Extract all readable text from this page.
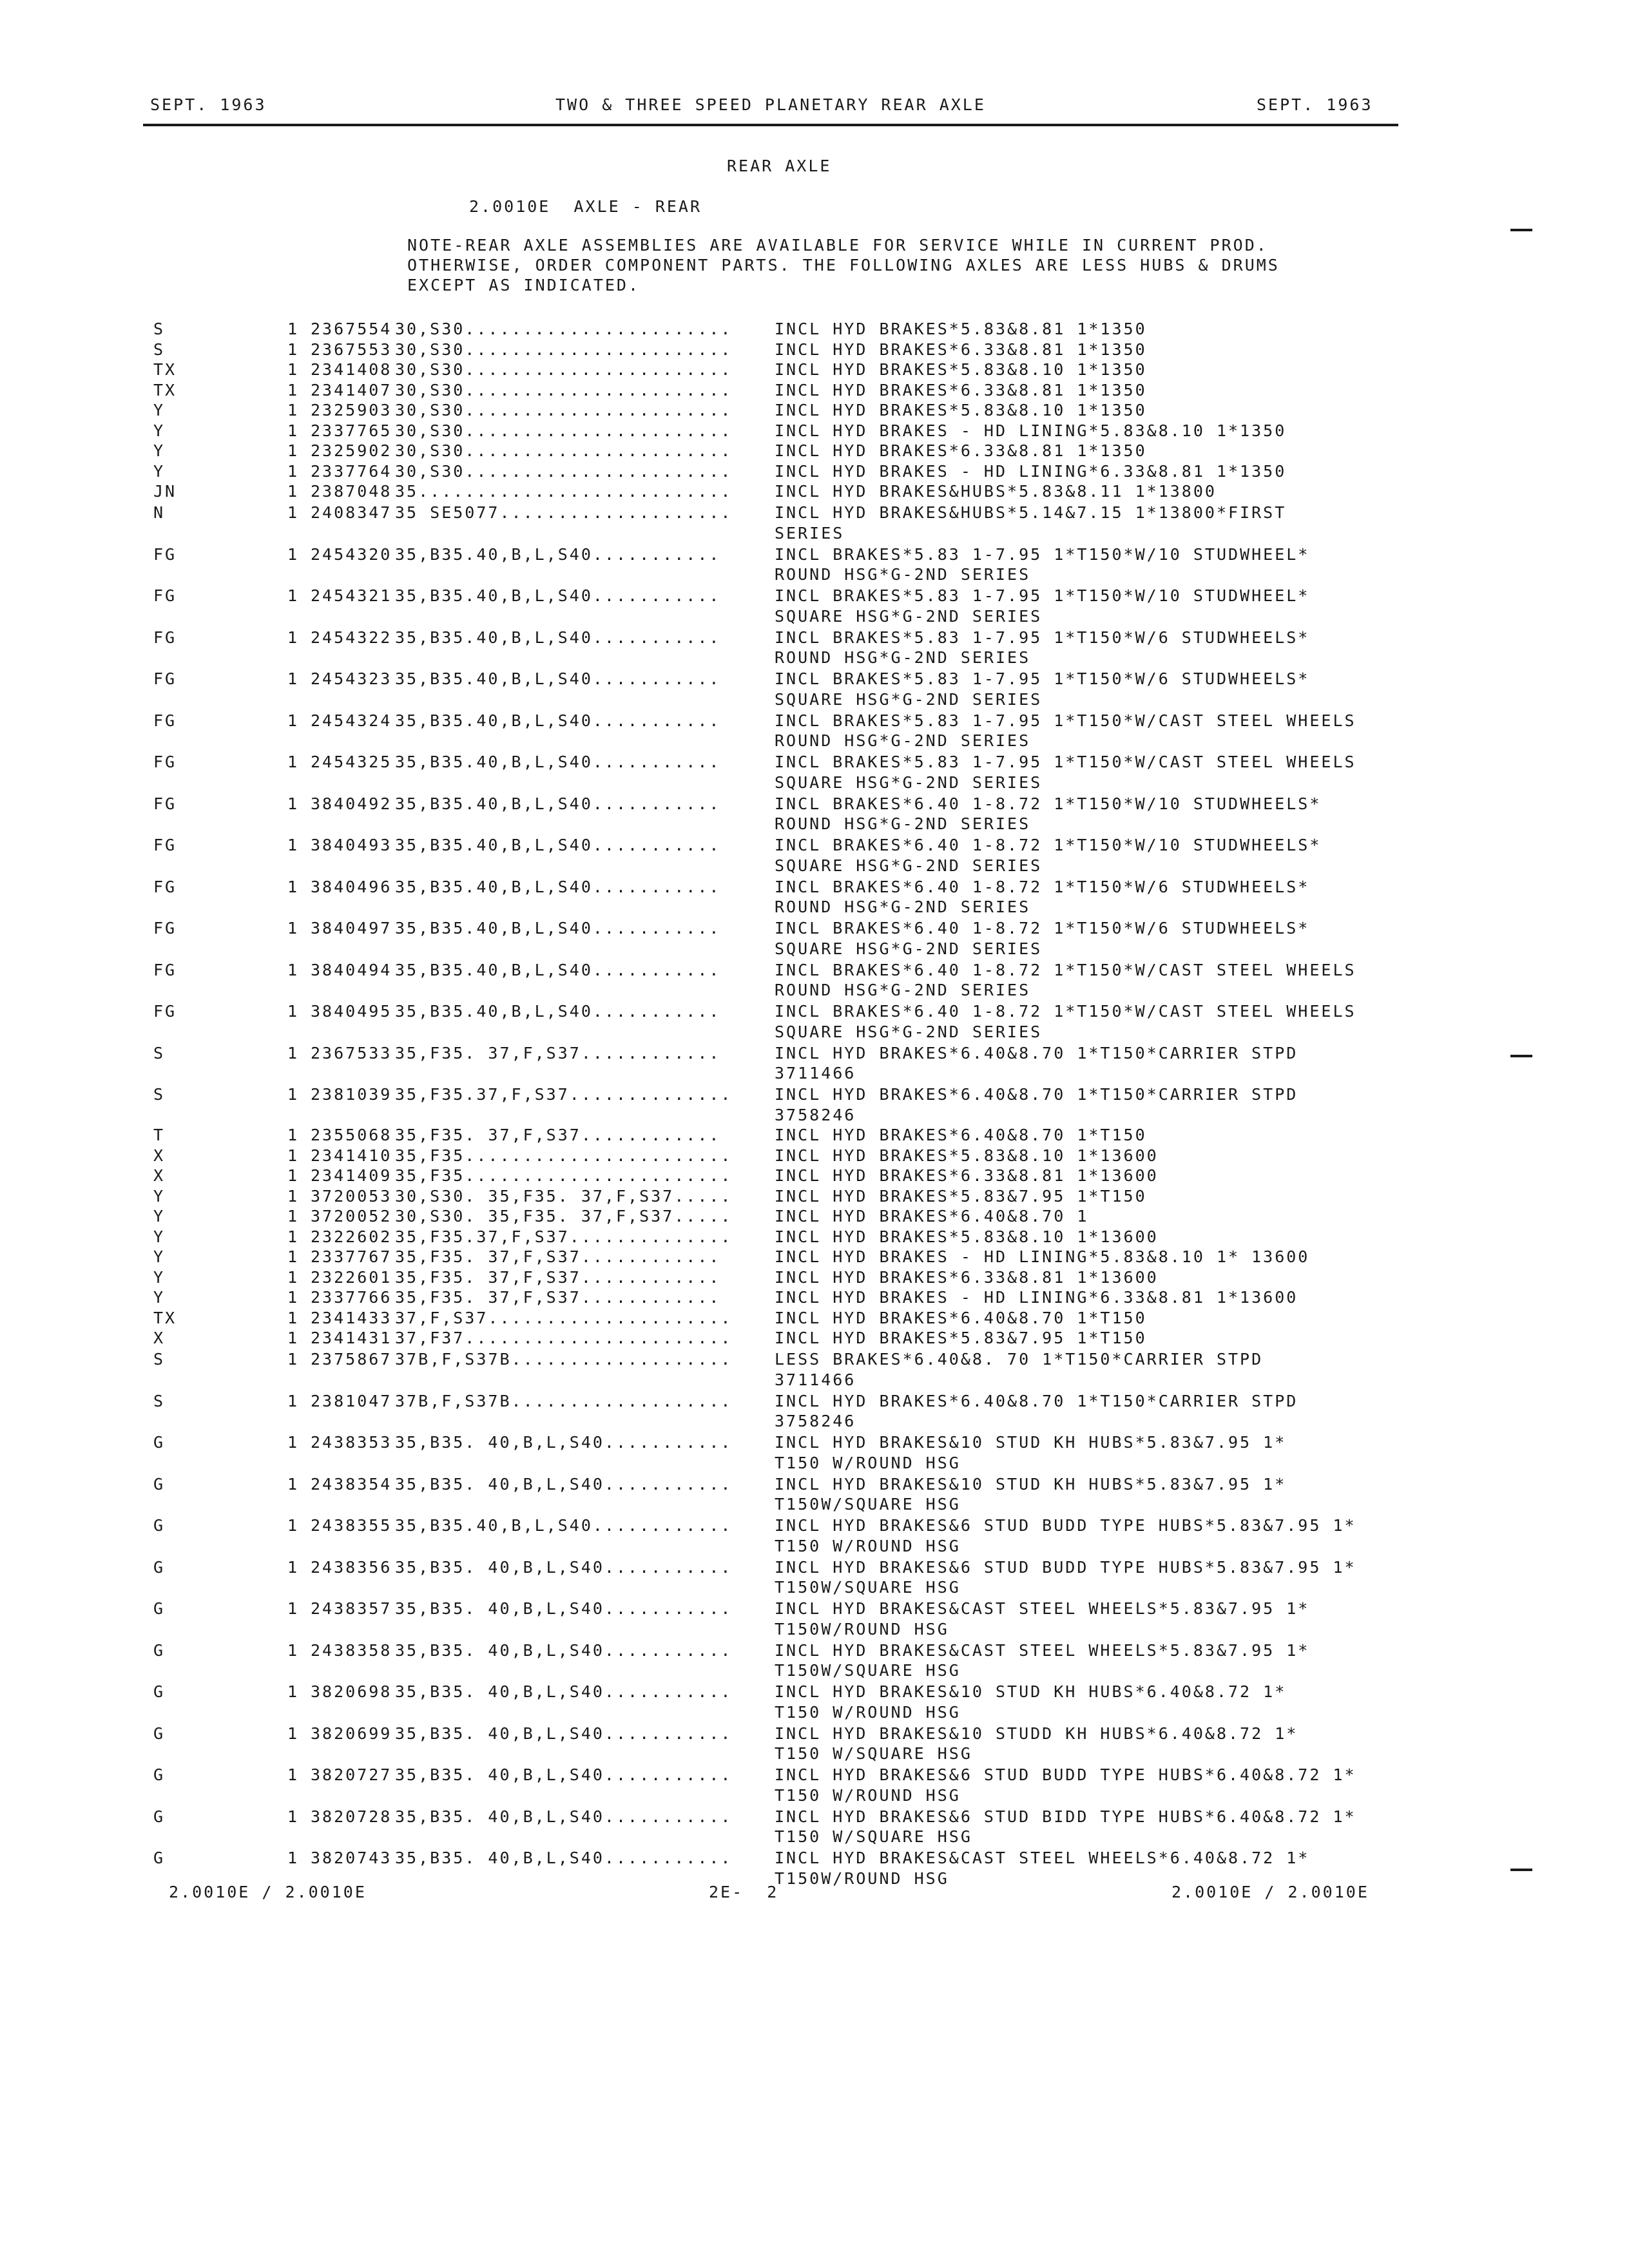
SEPT. 1963	TWO & THREE SPEED PLANETARY REAR AXLE	SEPT. 1963
REAR AXLE
2.0010E  AXLE - REAR
NOTE-REAR AXLE ASSEMBLIES ARE AVAILABLE FOR SERVICE WHILE IN CURRENT PROD.
OTHERWISE, ORDER COMPONENT PARTS. THE FOLLOWING AXLES ARE LESS HUBS & DRUMS
EXCEPT AS INDICATED.
S	1 2367554 30,S30.......................	INCL HYD BRAKES*5.83&8.81 1*1350
S	1 2367553 30,S30.......................	INCL HYD BRAKES*6.33&8.81 1*1350
TX	1 2341408 30,S30.......................	INCL HYD BRAKES*5.83&8.10 1*1350
TX	1 2341407 30,S30.......................	INCL HYD BRAKES*6.33&8.81 1*1350
Y	1 2325903 30,S30.......................	INCL HYD BRAKES*5.83&8.10 1*1350
Y	1 2337765 30,S30.......................	INCL HYD BRAKES - HD LINING*5.83&8.10 1*1350
Y	1 2325902 30,S30.......................	INCL HYD BRAKES*6.33&8.81 1*1350
Y	1 2337764 30,S30.......................	INCL HYD BRAKES - HD LINING*6.33&8.81 1*1350
JN	1 2387048 35...........................	INCL HYD BRAKES&HUBS*5.83&8.11 1*13800
N	1 2408347 35 SE5077....................	INCL HYD BRAKES&HUBS*5.14&7.15 1*13800*FIRST
SERIES
FG	1 2454320 35,B35.40,B,L,S40...........	INCL BRAKES*5.83 1-7.95 1*T150*W/10 STUDWHEEL*
ROUND HSG*G-2ND SERIES
FG	1 2454321 35,B35.40,B,L,S40...........	INCL BRAKES*5.83 1-7.95 1*T150*W/10 STUDWHEEL*
SQUARE HSG*G-2ND SERIES
FG	1 2454322 35,B35.40,B,L,S40...........	INCL BRAKES*5.83 1-7.95 1*T150*W/6 STUDWHEELS*
ROUND HSG*G-2ND SERIES
FG	1 2454323 35,B35.40,B,L,S40...........	INCL BRAKES*5.83 1-7.95 1*T150*W/6 STUDWHEELS*
SQUARE HSG*G-2ND SERIES
FG	1 2454324 35,B35.40,B,L,S40...........	INCL BRAKES*5.83 1-7.95 1*T150*W/CAST STEEL WHEELS
ROUND HSG*G-2ND SERIES
FG	1 2454325 35,B35.40,B,L,S40...........	INCL BRAKES*5.83 1-7.95 1*T150*W/CAST STEEL WHEELS
SQUARE HSG*G-2ND SERIES
FG	1 3840492 35,B35.40,B,L,S40...........	INCL BRAKES*6.40 1-8.72 1*T150*W/10 STUDWHEELS*
ROUND HSG*G-2ND SERIES
FG	1 3840493 35,B35.40,B,L,S40...........	INCL BRAKES*6.40 1-8.72 1*T150*W/10 STUDWHEELS*
SQUARE HSG*G-2ND SERIES
FG	1 3840496 35,B35.40,B,L,S40...........	INCL BRAKES*6.40 1-8.72 1*T150*W/6 STUDWHEELS*
ROUND HSG*G-2ND SERIES
FG	1 3840497 35,B35.40,B,L,S40...........	INCL BRAKES*6.40 1-8.72 1*T150*W/6 STUDWHEELS*
SQUARE HSG*G-2ND SERIES
FG	1 3840494 35,B35.40,B,L,S40...........	INCL BRAKES*6.40 1-8.72 1*T150*W/CAST STEEL WHEELS
ROUND HSG*G-2ND SERIES
FG	1 3840495 35,B35.40,B,L,S40...........	INCL BRAKES*6.40 1-8.72 1*T150*W/CAST STEEL WHEELS
SQUARE HSG*G-2ND SERIES
S	1 2367533 35,F35. 37,F,S37............	INCL HYD BRAKES*6.40&8.70 1*T150*CARRIER STPD
3711466
S	1 2381039 35,F35.37,F,S37..............	INCL HYD BRAKES*6.40&8.70 1*T150*CARRIER STPD
3758246
T	1 2355068 35,F35. 37,F,S37............	INCL HYD BRAKES*6.40&8.70 1*T150
X	1 2341410 35,F35.......................	INCL HYD BRAKES*5.83&8.10 1*13600
X	1 2341409 35,F35.......................	INCL HYD BRAKES*6.33&8.81 1*13600
Y	1 3720053 30,S30. 35,F35. 37,F,S37.....	INCL HYD BRAKES*5.83&7.95 1*T150
Y	1 3720052 30,S30. 35,F35. 37,F,S37.....	INCL HYD BRAKES*6.40&8.70 1
Y	1 2322602 35,F35.37,F,S37..............	INCL HYD BRAKES*5.83&8.10 1*13600
Y	1 2337767 35,F35. 37,F,S37............	INCL HYD BRAKES - HD LINING*5.83&8.10 1* 13600
Y	1 2322601 35,F35. 37,F,S37............	INCL HYD BRAKES*6.33&8.81 1*13600
Y	1 2337766 35,F35. 37,F,S37............	INCL HYD BRAKES - HD LINING*6.33&8.81 1*13600
TX	1 2341433 37,F,S37.....................	INCL HYD BRAKES*6.40&8.70 1*T150
X	1 2341431 37,F37.......................	INCL HYD BRAKES*5.83&7.95 1*T150
S	1 2375867 37B,F,S37B...................	LESS BRAKES*6.40&8. 70 1*T150*CARRIER STPD
3711466
S	1 2381047 37B,F,S37B...................	INCL HYD BRAKES*6.40&8.70 1*T150*CARRIER STPD
3758246
G	1 2438353 35,B35. 40,B,L,S40...........	INCL HYD BRAKES&10 STUD KH HUBS*5.83&7.95 1*
T150 W/ROUND HSG
G	1 2438354 35,B35. 40,B,L,S40...........	INCL HYD BRAKES&10 STUD KH HUBS*5.83&7.95 1*
T150W/SQUARE HSG
G	1 2438355 35,B35.40,B,L,S40............	INCL HYD BRAKES&6 STUD BUDD TYPE HUBS*5.83&7.95 1*
T150 W/ROUND HSG
G	1 2438356 35,B35. 40,B,L,S40...........	INCL HYD BRAKES&6 STUD BUDD TYPE HUBS*5.83&7.95 1*
T150W/SQUARE HSG
G	1 2438357 35,B35. 40,B,L,S40...........	INCL HYD BRAKES&CAST STEEL WHEELS*5.83&7.95 1*
T150W/ROUND HSG
G	1 2438358 35,B35. 40,B,L,S40...........	INCL HYD BRAKES&CAST STEEL WHEELS*5.83&7.95 1*
T150W/SQUARE HSG
G	1 3820698 35,B35. 40,B,L,S40...........	INCL HYD BRAKES&10 STUD KH HUBS*6.40&8.72 1*
T150 W/ROUND HSG
G	1 3820699 35,B35. 40,B,L,S40...........	INCL HYD BRAKES&10 STUDD KH HUBS*6.40&8.72 1*
T150 W/SQUARE HSG
G	1 3820727 35,B35. 40,B,L,S40...........	INCL HYD BRAKES&6 STUD BUDD TYPE HUBS*6.40&8.72 1*
T150 W/ROUND HSG
G	1 3820728 35,B35. 40,B,L,S40...........	INCL HYD BRAKES&6 STUD BIDD TYPE HUBS*6.40&8.72 1*
T150 W/SQUARE HSG
G	1 3820743 35,B35. 40,B,L,S40...........	INCL HYD BRAKES&CAST STEEL WHEELS*6.40&8.72 1*
T150W/ROUND HSG
2.0010E / 2.0010E	2E-  2	2.0010E / 2.0010E
